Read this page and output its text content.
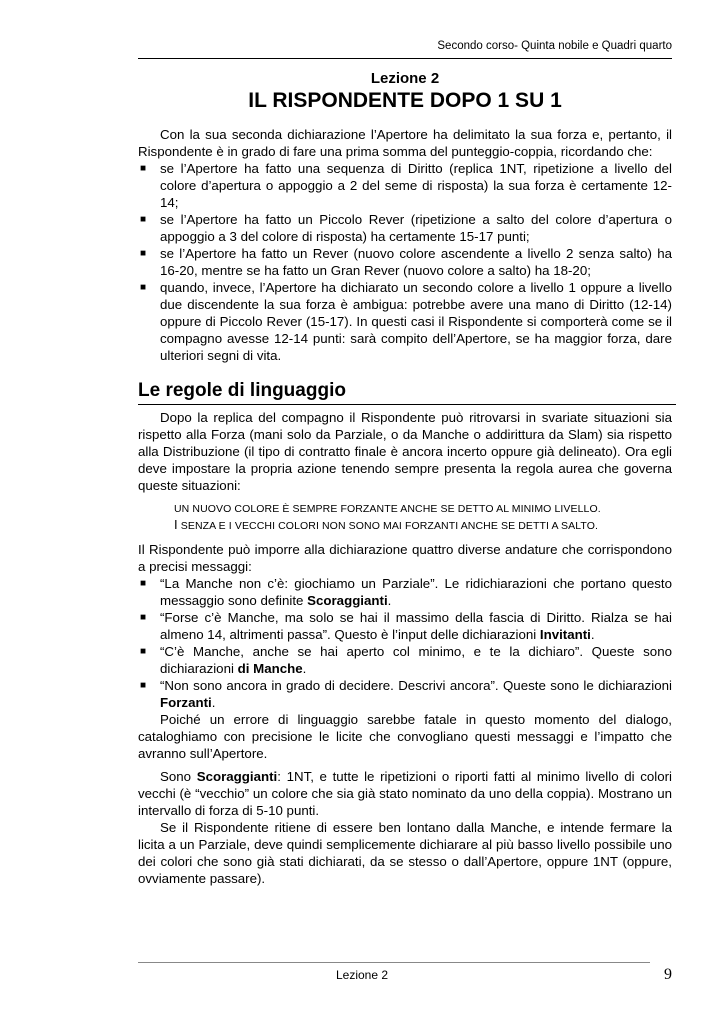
Secondo corso- Quinta nobile e Quadri quarto
Lezione 2
IL RISPONDENTE DOPO 1 SU 1

Con la sua seconda dichiarazione l’Apertore ha delimitato la sua forza e, pertanto, il Rispondente è in grado di fare una prima somma del punteggio-coppia, ricordando che:

■ se l’Apertore ha fatto una sequenza di Diritto (replica 1NT, ripetizione a livello del colore d’apertura o appoggio a 2 del seme di risposta) la sua forza è certamente 12-14;
■ se l’Apertore ha fatto un Piccolo Rever (ripetizione a salto del colore d’apertura o appoggio a 3 del colore di risposta) ha certamente 15-17 punti;
■ se l’Apertore ha fatto un Rever (nuovo colore ascendente a livello 2 senza salto) ha 16-20, mentre se ha fatto un Gran Rever (nuovo colore a salto) ha 18-20;
■ quando, invece, l’Apertore ha dichiarato un secondo colore a livello 1 oppure a livello due discendente la sua forza è ambigua: potrebbe avere una mano di Diritto (12-14) oppure di Piccolo Rever (15-17). In questi casi il Rispondente si comporterà come se il compagno avesse 12-14 punti: sarà compito dell’Apertore, se ha maggior forza, dare ulteriori segni di vita.
Le regole di linguaggio

Dopo la replica del compagno il Rispondente può ritrovarsi in svariate situazioni sia rispetto alla Forza (mani solo da Parziale, o da Manche o addirittura da Slam) sia rispetto alla Distribuzione (il tipo di contratto finale è ancora incerto oppure già delineato). Ora egli deve impostare la propria azione tenendo sempre presenta la regola aurea che governa queste situazioni:

UN NUOVO COLORE È SEMPRE FORZANTE ANCHE SE DETTO AL MINIMO LIVELLO.
I SENZA E I VECCHI COLORI NON SONO MAI FORZANTI ANCHE SE DETTI A SALTO.

Il Rispondente può imporre alla dichiarazione quattro diverse andature che corrispondono a precisi messaggi:

■ “La Manche non c’è: giochiamo un Parziale”. Le ridichiarazioni che portano questo messaggio sono definite Scoraggianti.
■ “Forse c’è Manche, ma solo se hai il massimo della fascia di Diritto. Rialza se hai almeno 14, altrimenti passa”. Questo è l’input delle dichiarazioni Invitanti.
■ “C’è Manche, anche se hai aperto col minimo, e te la dichiaro”. Queste sono dichiarazioni di Manche.
■ “Non sono ancora in grado di decidere. Descrivi ancora”. Queste sono le dichiarazioni Forzanti.

Poiché un errore di linguaggio sarebbe fatale in questo momento del dialogo, cataloghiamo con precisione le licite che convogliano questi messaggi e l’impatto che avranno sull’Apertore.

Sono Scoraggianti: 1NT, e tutte le ripetizioni o riporti fatti al minimo livello di colori vecchi (è “vecchio” un colore che sia già stato nominato da uno della coppia). Mostrano un intervallo di forza di 5-10 punti.

Se il Rispondente ritiene di essere ben lontano dalla Manche, e intende fermare la licita a un Parziale, deve quindi semplicemente dichiarare al più basso livello possibile uno dei colori che sono già stati dichiarati, da se stesso o dall’Apertore, oppure 1NT (oppure, ovviamente passare).

Lezione 2	9
